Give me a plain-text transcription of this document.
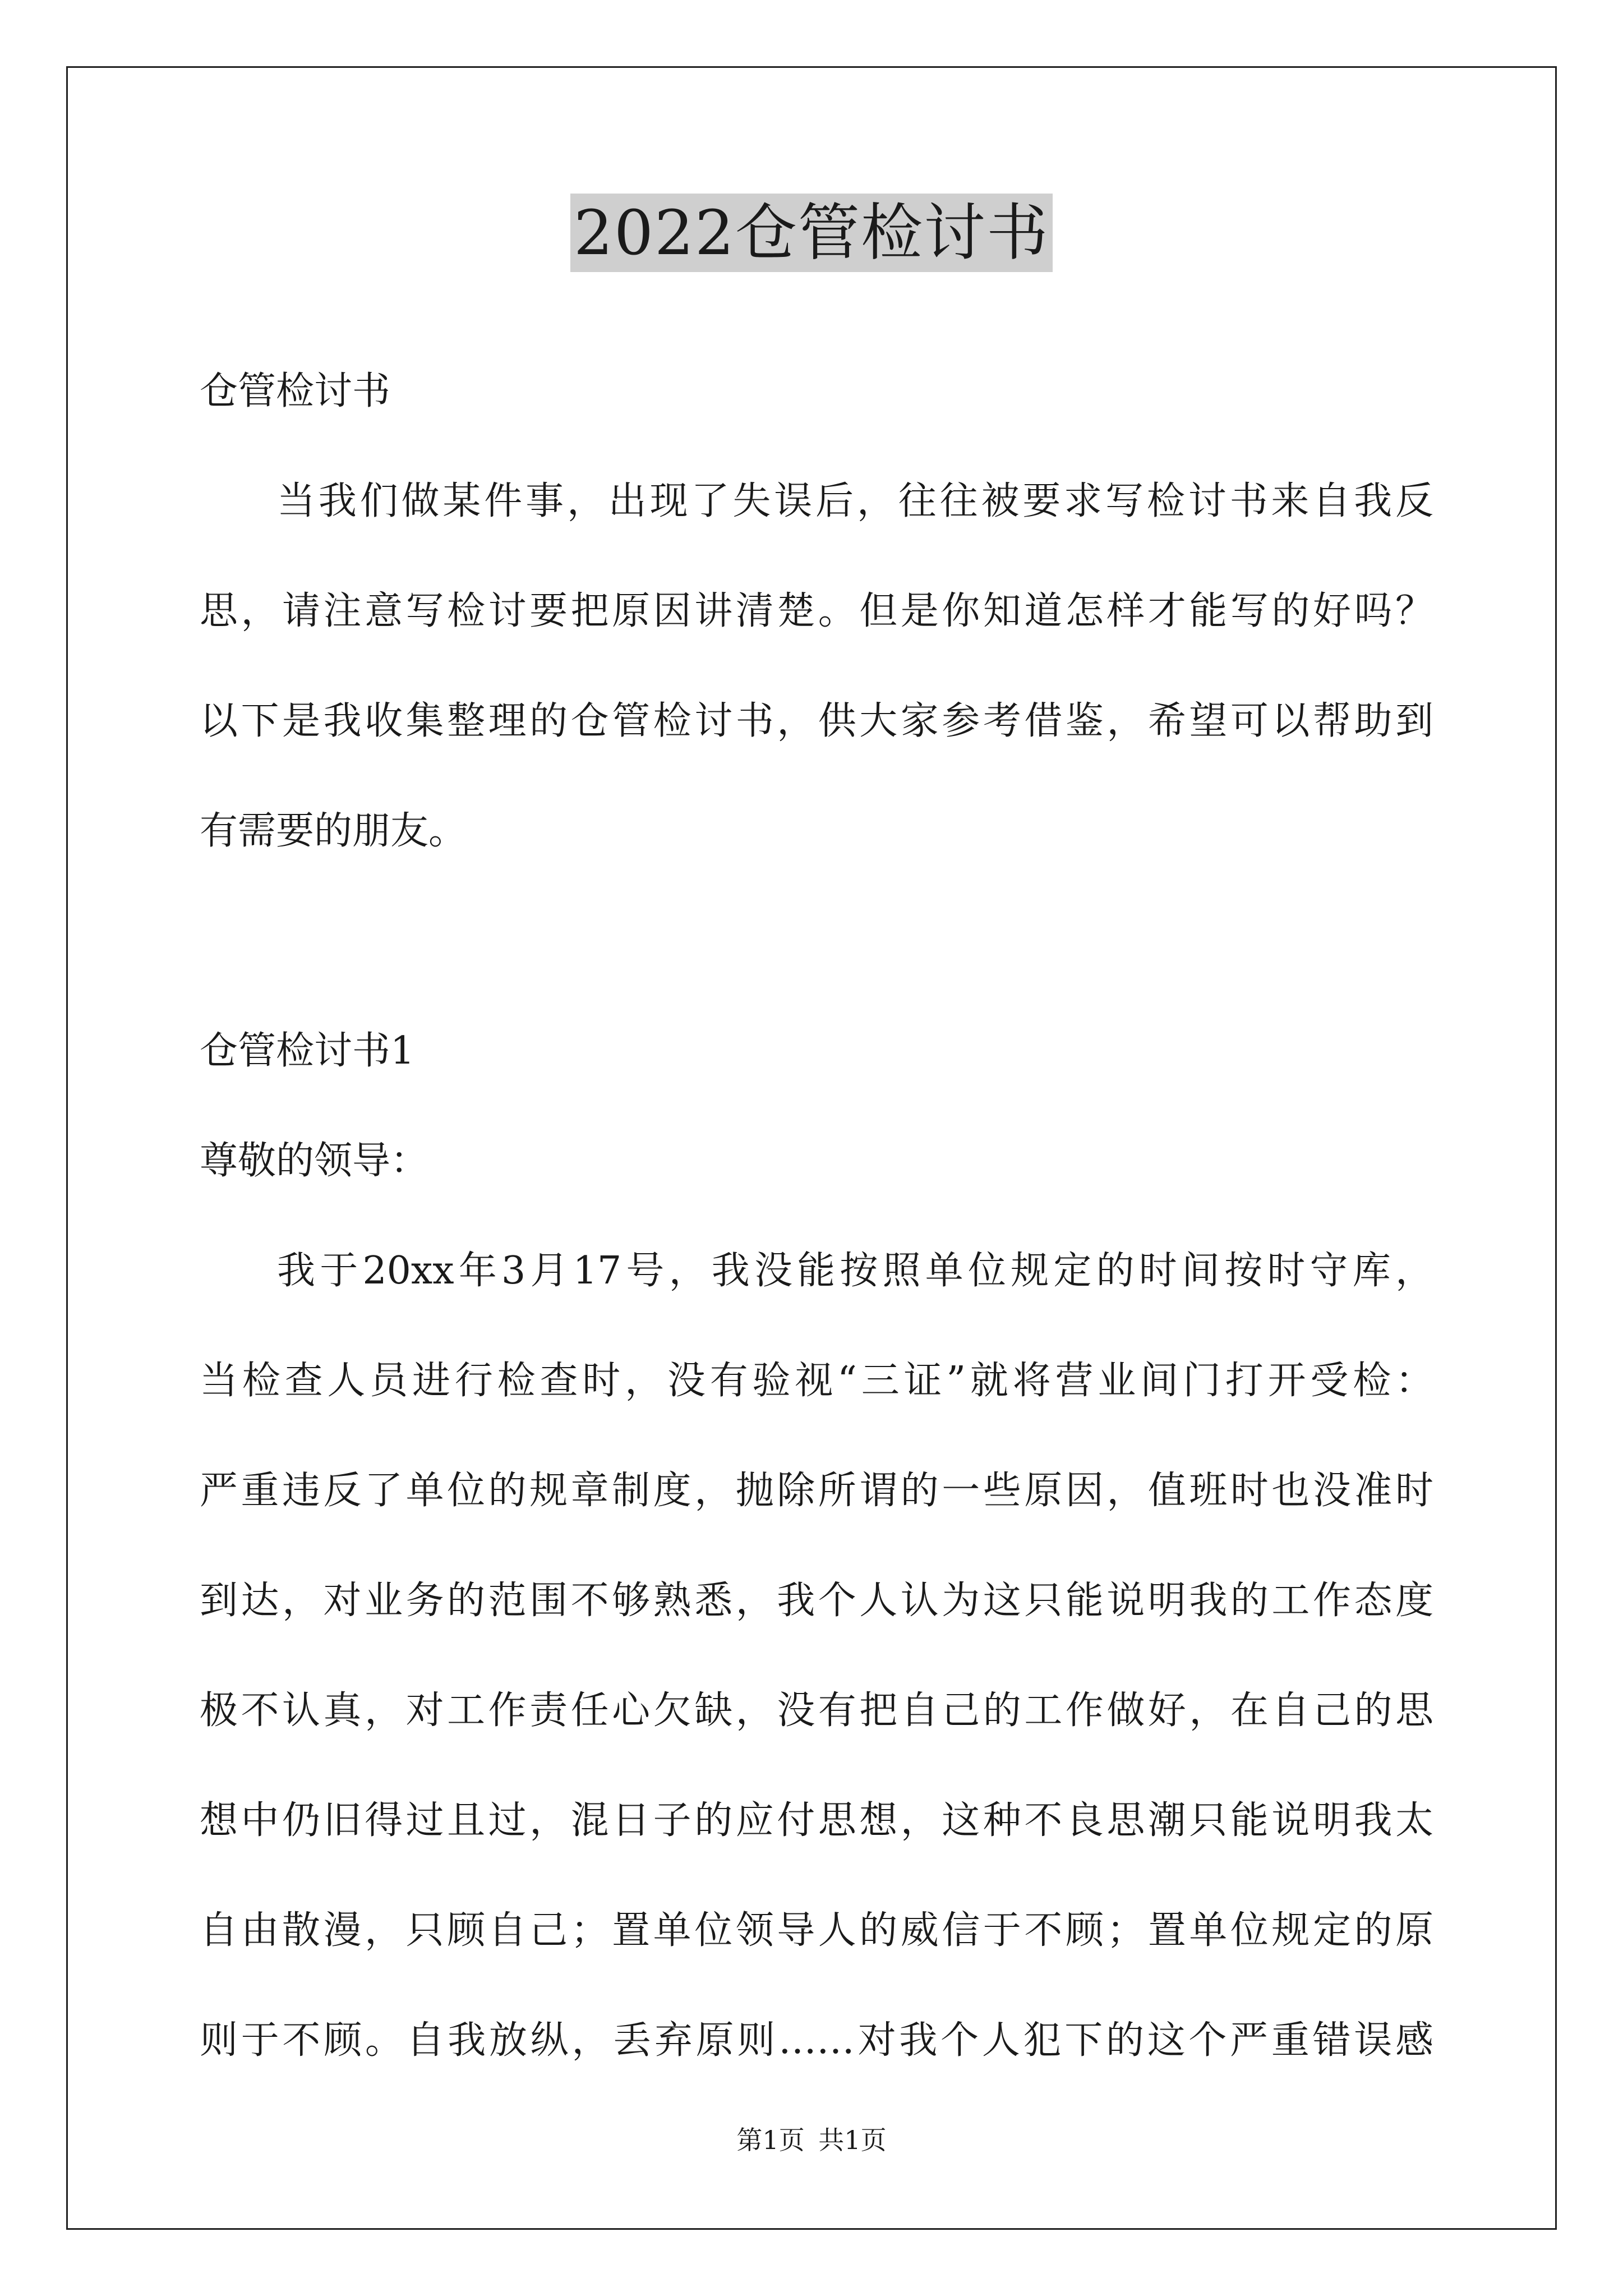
2022仓管检讨书
仓管检讨书
当我们做某件事，出现了失误后，往往被要求写检讨书来自我反
思，请注意写检讨要把原因讲清楚。但是你知道怎样才能写的好吗？
以下是我收集整理的仓管检讨书，供大家参考借鉴，希望可以帮助到
有需要的朋友。
仓管检讨书1
尊敬的领导：
我于20xx年3月17号，我没能按照单位规定的时间按时守库，
当检查人员进行检查时，没有验视“三证”就将营业间门打开受检：
严重违反了单位的规章制度，抛除所谓的一些原因，值班时也没准时
到达，对业务的范围不够熟悉，我个人认为这只能说明我的工作态度
极不认真，对工作责任心欠缺，没有把自己的工作做好，在自己的思
想中仍旧得过且过，混日子的应付思想，这种不良思潮只能说明我太
自由散漫，只顾自己；置单位领导人的威信于不顾；置单位规定的原
则于不顾。自我放纵，丢弃原则……对我个人犯下的这个严重错误感
第1页 共1页
